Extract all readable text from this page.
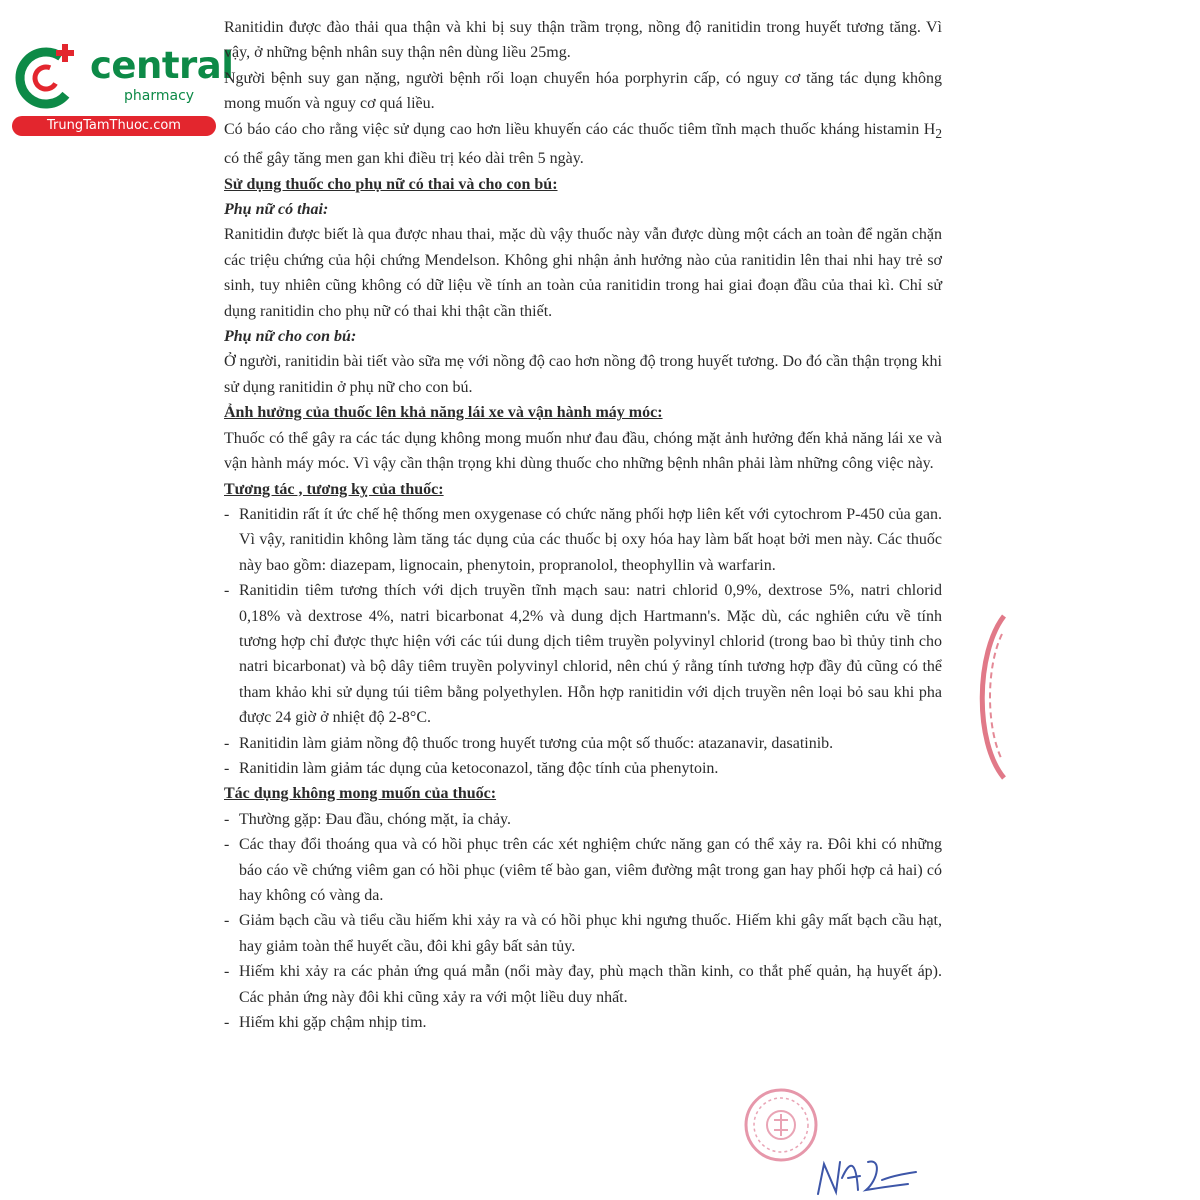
central
pharmacy
TrungTamThuoc.com

Ranitidin được đào thải qua thận và khi bị suy thận trầm trọng, nồng độ ranitidin trong huyết tương tăng. Vì vậy, ở những bệnh nhân suy thận nên dùng liều 25mg.

Người bệnh suy gan nặng, người bệnh rối loạn chuyển hóa porphyrin cấp, có nguy cơ tăng tác dụng không mong muốn và nguy cơ quá liều.

Có báo cáo cho rằng việc sử dụng cao hơn liều khuyến cáo các thuốc tiêm tĩnh mạch thuốc kháng histamin $H_2$ có thể gây tăng men gan khi điều trị kéo dài trên 5 ngày.

Sử dụng thuốc cho phụ nữ có thai và cho con bú:

Phụ nữ có thai:

Ranitidin được biết là qua được nhau thai, mặc dù vậy thuốc này vẫn được dùng một cách an toàn để ngăn chặn các triệu chứng của hội chứng Mendelson. Không ghi nhận ảnh hưởng nào của ranitidin lên thai nhi hay trẻ sơ sinh, tuy nhiên cũng không có dữ liệu về tính an toàn của ranitidin trong hai giai đoạn đầu của thai kì. Chỉ sử dụng ranitidin cho phụ nữ có thai khi thật cần thiết.

Phụ nữ cho con bú:

Ở người, ranitidin bài tiết vào sữa mẹ với nồng độ cao hơn nồng độ trong huyết tương. Do đó cần thận trọng khi sử dụng ranitidin ở phụ nữ cho con bú.

Ảnh hưởng của thuốc lên khả năng lái xe và vận hành máy móc:

Thuốc có thể gây ra các tác dụng không mong muốn như đau đầu, chóng mặt ảnh hưởng đến khả năng lái xe và vận hành máy móc. Vì vậy cần thận trọng khi dùng thuốc cho những bệnh nhân phải làm những công việc này.

Tương tác , tương kỵ của thuốc:

- Ranitidin rất ít ức chế hệ thống men oxygenase có chức năng phối hợp liên kết với cytochrom P-450 của gan. Vì vậy, ranitidin không làm tăng tác dụng của các thuốc bị oxy hóa hay làm bất hoạt bởi men này. Các thuốc này bao gồm: diazepam, lignocain, phenytoin, propranolol, theophyllin và warfarin.

- Ranitidin tiêm tương thích với dịch truyền tĩnh mạch sau: natri chlorid 0,9%, dextrose 5%, natri chlorid 0,18% và dextrose 4%, natri bicarbonat 4,2% và dung dịch Hartmann's. Mặc dù, các nghiên cứu về tính tương hợp chỉ được thực hiện với các túi dung dịch tiêm truyền polyvinyl chlorid (trong bao bì thủy tinh cho natri bicarbonat) và bộ dây tiêm truyền polyvinyl chlorid, nên chú ý rằng tính tương hợp đầy đủ cũng có thể tham khảo khi sử dụng túi tiêm bằng polyethylen. Hỗn hợp ranitidin với dịch truyền nên loại bỏ sau khi pha được 24 giờ ở nhiệt độ 2-8°C.

- Ranitidin làm giảm nồng độ thuốc trong huyết tương của một số thuốc: atazanavir, dasatinib.

- Ranitidin làm giảm tác dụng của ketoconazol, tăng độc tính của phenytoin.

Tác dụng không mong muốn của thuốc:

- Thường gặp: Đau đầu, chóng mặt, ỉa chảy.

- Các thay đổi thoáng qua và có hồi phục trên các xét nghiệm chức năng gan có thể xảy ra. Đôi khi có những báo cáo về chứng viêm gan có hồi phục (viêm tế bào gan, viêm đường mật trong gan hay phối hợp cả hai) có hay không có vàng da.

- Giảm bạch cầu và tiểu cầu hiếm khi xảy ra và có hồi phục khi ngưng thuốc. Hiếm khi gây mất bạch cầu hạt, hay giảm toàn thể huyết cầu, đôi khi gây bất sản tủy.

- Hiếm khi xảy ra các phản ứng quá mẫn (nổi mày đay, phù mạch thần kinh, co thắt phế quản, hạ huyết áp). Các phản ứng này đôi khi cũng xảy ra với một liều duy nhất.

- Hiếm khi gặp chậm nhịp tim.
